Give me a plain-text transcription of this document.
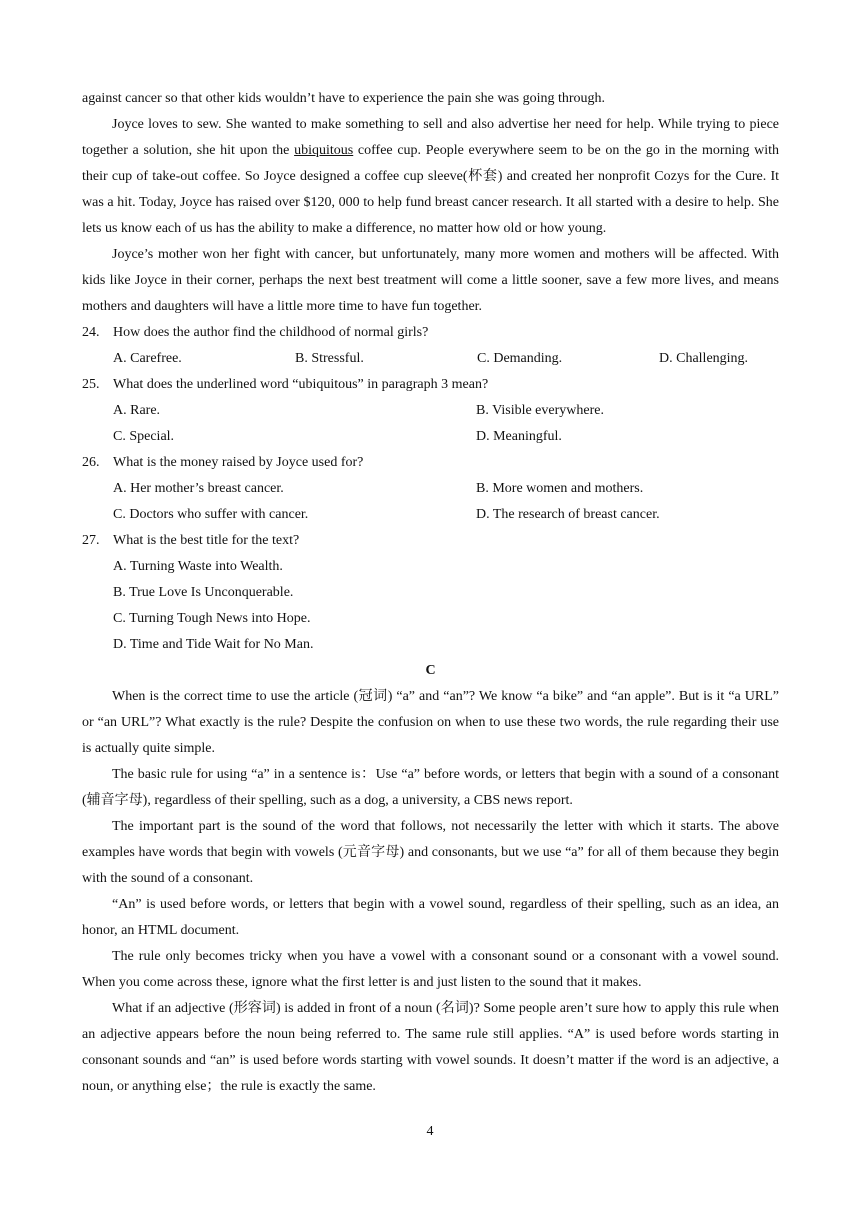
against cancer so that other kids wouldn’t have to experience the pain she was going through.

Joyce loves to sew. She wanted to make something to sell and also advertise her need for help. While trying to piece together a solution, she hit upon the ubiquitous coffee cup. People everywhere seem to be on the go in the morning with their cup of take-out coffee. So Joyce designed a coffee cup sleeve(杯套) and created her nonprofit Cozys for the Cure. It was a hit. Today, Joyce has raised over $120, 000 to help fund breast cancer research. It all started with a desire to help. She lets us know each of us has the ability to make a difference, no matter how old or how young.

Joyce’s mother won her fight with cancer, but unfortunately, many more women and mothers will be affected. With kids like Joyce in their corner, perhaps the next best treatment will come a little sooner, save a few more lives, and means mothers and daughters will have a little more time to have fun together.

24. How does the author find the childhood of normal girls?
A. Carefree.	B. Stressful.	C. Demanding.	D. Challenging.
25. What does the underlined word “ubiquitous” in paragraph 3 mean?
A. Rare.	B. Visible everywhere.
C. Special.	D. Meaningful.
26. What is the money raised by Joyce used for?
A. Her mother’s breast cancer.	B. More women and mothers.
C. Doctors who suffer with cancer.	D. The research of breast cancer.
27. What is the best title for the text?
A. Turning Waste into Wealth.
B. True Love Is Unconquerable.
C. Turning Tough News into Hope.
D. Time and Tide Wait for No Man.
C

When is the correct time to use the article (冠词) “a” and “an”? We know “a bike” and “an apple”. But is it “a URL” or “an URL”? What exactly is the rule? Despite the confusion on when to use these two words, the rule regarding their use is actually quite simple.

The basic rule for using “a” in a sentence is：Use “a” before words, or letters that begin with a sound of a consonant (辅音字母), regardless of their spelling, such as a dog, a university, a CBS news report.

The important part is the sound of the word that follows, not necessarily the letter with which it starts. The above examples have words that begin with vowels (元音字母) and consonants, but we use “a” for all of them because they begin with the sound of a consonant.

“An” is used before words, or letters that begin with a vowel sound, regardless of their spelling, such as an idea, an honor, an HTML document.

The rule only becomes tricky when you have a vowel with a consonant sound or a consonant with a vowel sound. When you come across these, ignore what the first letter is and just listen to the sound that it makes.

What if an adjective (形容词) is added in front of a noun (名词)? Some people aren’t sure how to apply this rule when an adjective appears before the noun being referred to. The same rule still applies. “A” is used before words starting in consonant sounds and “an” is used before words starting with vowel sounds. It doesn’t matter if the word is an adjective, a noun, or anything else；the rule is exactly the same.

4
